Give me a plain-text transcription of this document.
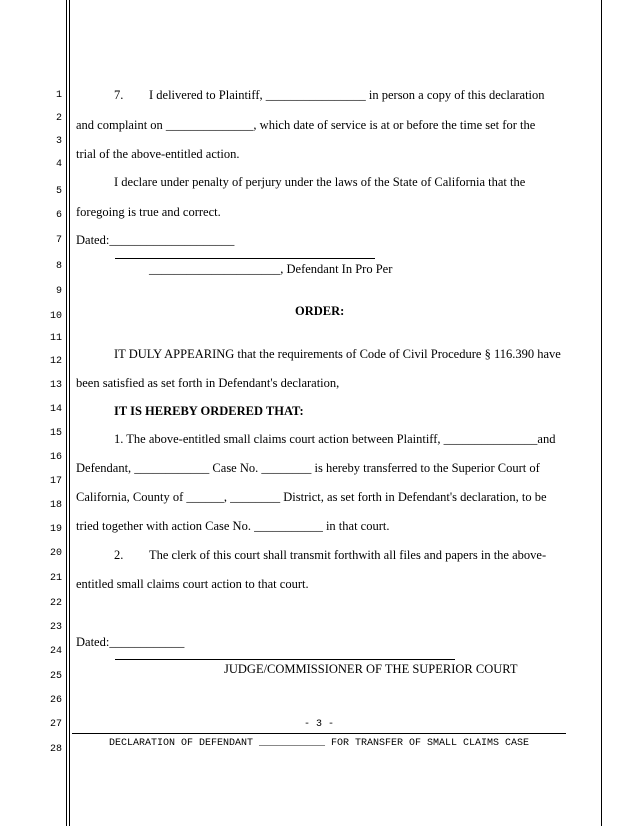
1
2
3
4
5
6
7
8
9
10
11
12
13
14
15
16
17
18
19
20
21
22
23
24
25
26
27
28
7. I delivered to Plaintiff, ________________ in person a copy of this declaration
and complaint on ______________, which date of service is at or before the time set for the
trial of the above-entitled action.
I declare under penalty of perjury under the laws of the State of California that the
foregoing is true and correct.
Dated:____________________
_____________________, Defendant In Pro Per
ORDER:
IT DULY APPEARING that the requirements of Code of Civil Procedure § 116.390 have
been satisfied as set forth in Defendant's declaration,
IT IS HEREBY ORDERED THAT:
1. The above-entitled small claims court action between Plaintiff, _______________and
Defendant, ____________ Case No. ________ is hereby transferred to the Superior Court of
California, County of ______, ________ District, as set forth in Defendant's declaration, to be
tried together with action Case No. ___________ in that court.
2. The clerk of this court shall transmit forthwith all files and papers in the above-
entitled small claims court action to that court.
Dated:____________
JUDGE/COMMISSIONER OF THE SUPERIOR COURT
- 3 -
DECLARATION OF DEFENDANT ___________ FOR TRANSFER OF SMALL CLAIMS CASE
